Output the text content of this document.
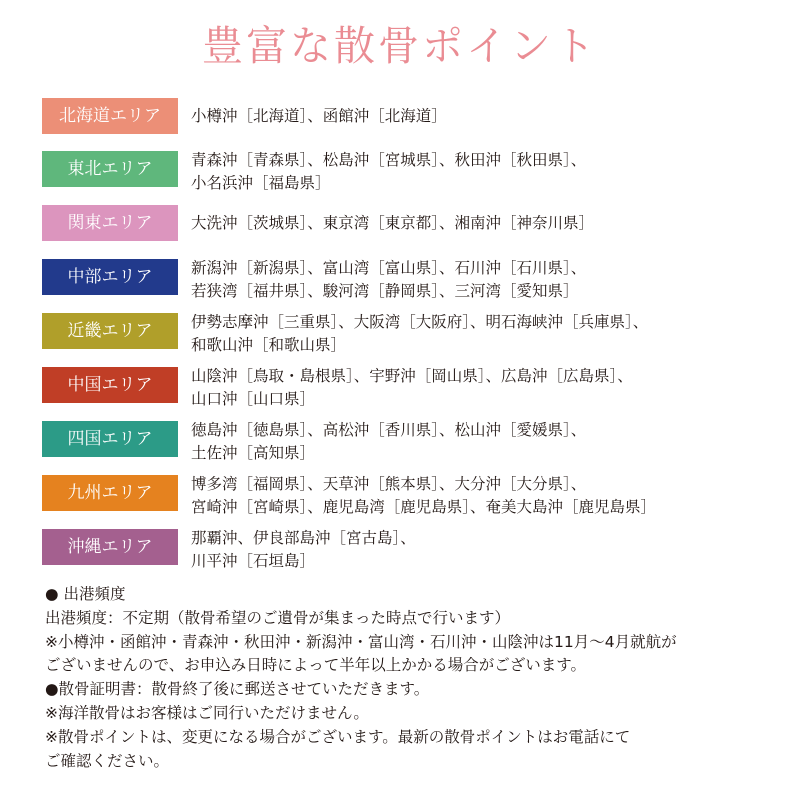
豊富な散骨ポイント
北海道エリア	小樽沖［北海道］、函館沖［北海道］
東北エリア	青森沖［青森県］、松島沖［宮城県］、秋田沖［秋田県］、
小名浜沖［福島県］
関東エリア	大洗沖［茨城県］、東京湾［東京都］、湘南沖［神奈川県］
中部エリア	新潟沖［新潟県］、富山湾［富山県］、石川沖［石川県］、
若狭湾［福井県］、駿河湾［静岡県］、三河湾［愛知県］
近畿エリア	伊勢志摩沖［三重県］、大阪湾［大阪府］、明石海峡沖［兵庫県］、
和歌山沖［和歌山県］
中国エリア	山陰沖［鳥取・島根県］、宇野沖［岡山県］、広島沖［広島県］、
山口沖［山口県］
四国エリア	徳島沖［徳島県］、高松沖［香川県］、松山沖［愛媛県］、
土佐沖［高知県］
九州エリア	博多湾［福岡県］、天草沖［熊本県］、大分沖［大分県］、
宮崎沖［宮崎県］、鹿児島湾［鹿児島県］、奄美大島沖［鹿児島県］
沖縄エリア	那覇沖、伊良部島沖［宮古島］、
川平沖［石垣島］

● 出港頻度

出港頻度：不定期（散骨希望のご遺骨が集まった時点で行います）

※小樽沖・函館沖・青森沖・秋田沖・新潟沖・富山湾・石川沖・山陰沖は11月～4月就航が

ございませんので、お申込み日時によって半年以上かかる場合がございます。

●散骨証明書：散骨終了後に郵送させていただきます。

※海洋散骨はお客様はご同行いただけません。

※散骨ポイントは、変更になる場合がございます。最新の散骨ポイントはお電話にて

ご確認ください。
